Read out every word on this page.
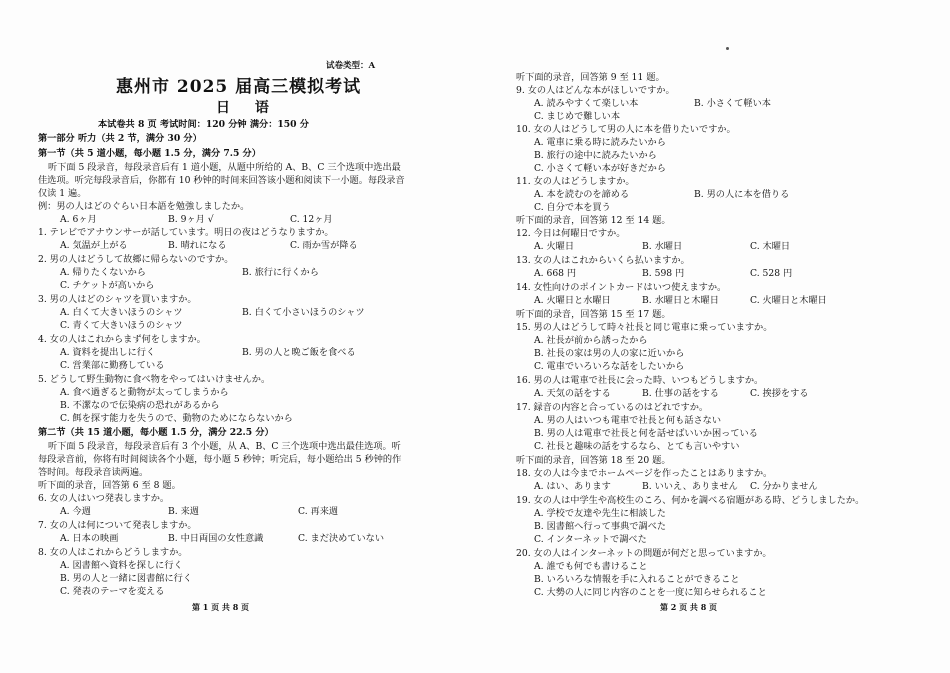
试卷类型：A
惠州市 2025 届高三模拟考试
日 语
本试卷共 8 页 考试时间：120 分钟 满分：150 分
第一部分 听力（共 2 节，满分 30 分）
第一节（共 5 道小题，每小题 1.5 分，满分 7.5 分）
听下面 5 段录音，每段录音后有 1 道小题，从题中所给的 A、B、C 三个选项中选出最
佳选项。听完每段录音后，你都有 10 秒钟的时间来回答该小题和阅读下一小题。每段录音
仅读 1 遍。
例：男の人はどのぐらい日本語を勉強しましたか。
A. 6ヶ月	B. 9ヶ月 √	C. 12ヶ月
1. テレビでアナウンサーが話しています。明日の夜はどうなりますか。
A. 気温が上がる	B. 晴れになる	C. 雨か雪が降る
2. 男の人はどうして故郷に帰らないのですか。
A. 帰りたくないから	B. 旅行に行くから
C. チケットが高いから
3. 男の人はどのシャツを買いますか。
A. 白くて大きいほうのシャツ	B. 白くて小さいほうのシャツ
C. 青くて大きいほうのシャツ
4. 女の人はこれからまず何をしますか。
A. 資料を提出しに行く	B. 男の人と晩ご飯を食べる
C. 営業部に勤務している
5. どうして野生動物に食べ物をやってはいけませんか。
A. 食べ過ぎると動物が太ってしまうから
B. 不潔なので伝染病の恐れがあるから
C. 餌を探す能力を失うので、動物のためにならないから
第二节（共 15 道小题，每小题 1.5 分，满分 22.5 分）
听下面 5 段录音，每段录音后有 3 个小题，从 A、B、C 三个选项中选出最佳选项。听
每段录音前，你将有时间阅读各个小题，每小题 5 秒钟；听完后，每小题给出 5 秒钟的作
答时间。每段录音读两遍。
听下面的录音，回答第 6 至 8 题。
6. 女の人はいつ発表しますか。
A. 今週	B. 来週	C. 再来週
7. 女の人は何について発表しますか。
A. 日本の映画	B. 中日両国の女性意識	C. まだ決めていない
8. 女の人はこれからどうしますか。
A. 図書館へ資料を探しに行く
B. 男の人と一緒に図書館に行く
C. 発表のテーマを変える
第 1 页 共 8 页
听下面的录音，回答第 9 至 11 题。
9. 女の人はどんな本がほしいですか。
A. 読みやすくて楽しい本	B. 小さくて軽い本
C. まじめで難しい本
10. 女の人はどうして男の人に本を借りたいですか。
A. 電車に乗る時に読みたいから
B. 旅行の途中に読みたいから
C. 小さくて軽い本が好きだから
11. 女の人はどうしますか。
A. 本を読むのを諦める	B. 男の人に本を借りる
C. 自分で本を買う
听下面的录音，回答第 12 至 14 题。
12. 今日は何曜日ですか。
A. 火曜日	B. 水曜日	C. 木曜日
13. 女の人はこれからいくら払いますか。
A. 668 円	B. 598 円	C. 528 円
14. 女性向けのポイントカードはいつ使えますか。
A. 火曜日と水曜日	B. 水曜日と木曜日	C. 火曜日と木曜日
听下面的录音，回答第 15 至 17 题。
15. 男の人はどうして時々社長と同じ電車に乗っていますか。
A. 社長が前から誘ったから
B. 社長の家は男の人の家に近いから
C. 電車でいろいろな話をしたいから
16. 男の人は電車で社長に会った時、いつもどうしますか。
A. 天気の話をする	B. 仕事の話をする	C. 挨拶をする
17. 録音の内容と合っているのはどれですか。
A. 男の人はいつも電車で社長と何も話さない
B. 男の人は電車で社長と何を話せばいいか困っている
C. 社長と趣味の話をするなら、とても言いやすい
听下面的录音，回答第 18 至 20 题。
18. 女の人は今までホームページを作ったことはありますか。
A. はい、あります	B. いいえ、ありません C. 分かりません
19. 女の人は中学生や高校生のころ、何かを調べる宿題がある時、どうしましたか。
A. 学校で友達や先生に相談した
B. 図書館へ行って事典で調べた
C. インターネットで調べた
20. 女の人はインターネットの問題が何だと思っていますか。
A. 誰でも何でも書けること
B. いろいろな情報を手に入れることができること
C. 大勢の人に同じ内容のことを一度に知らせられること
第 2 页 共 8 页
